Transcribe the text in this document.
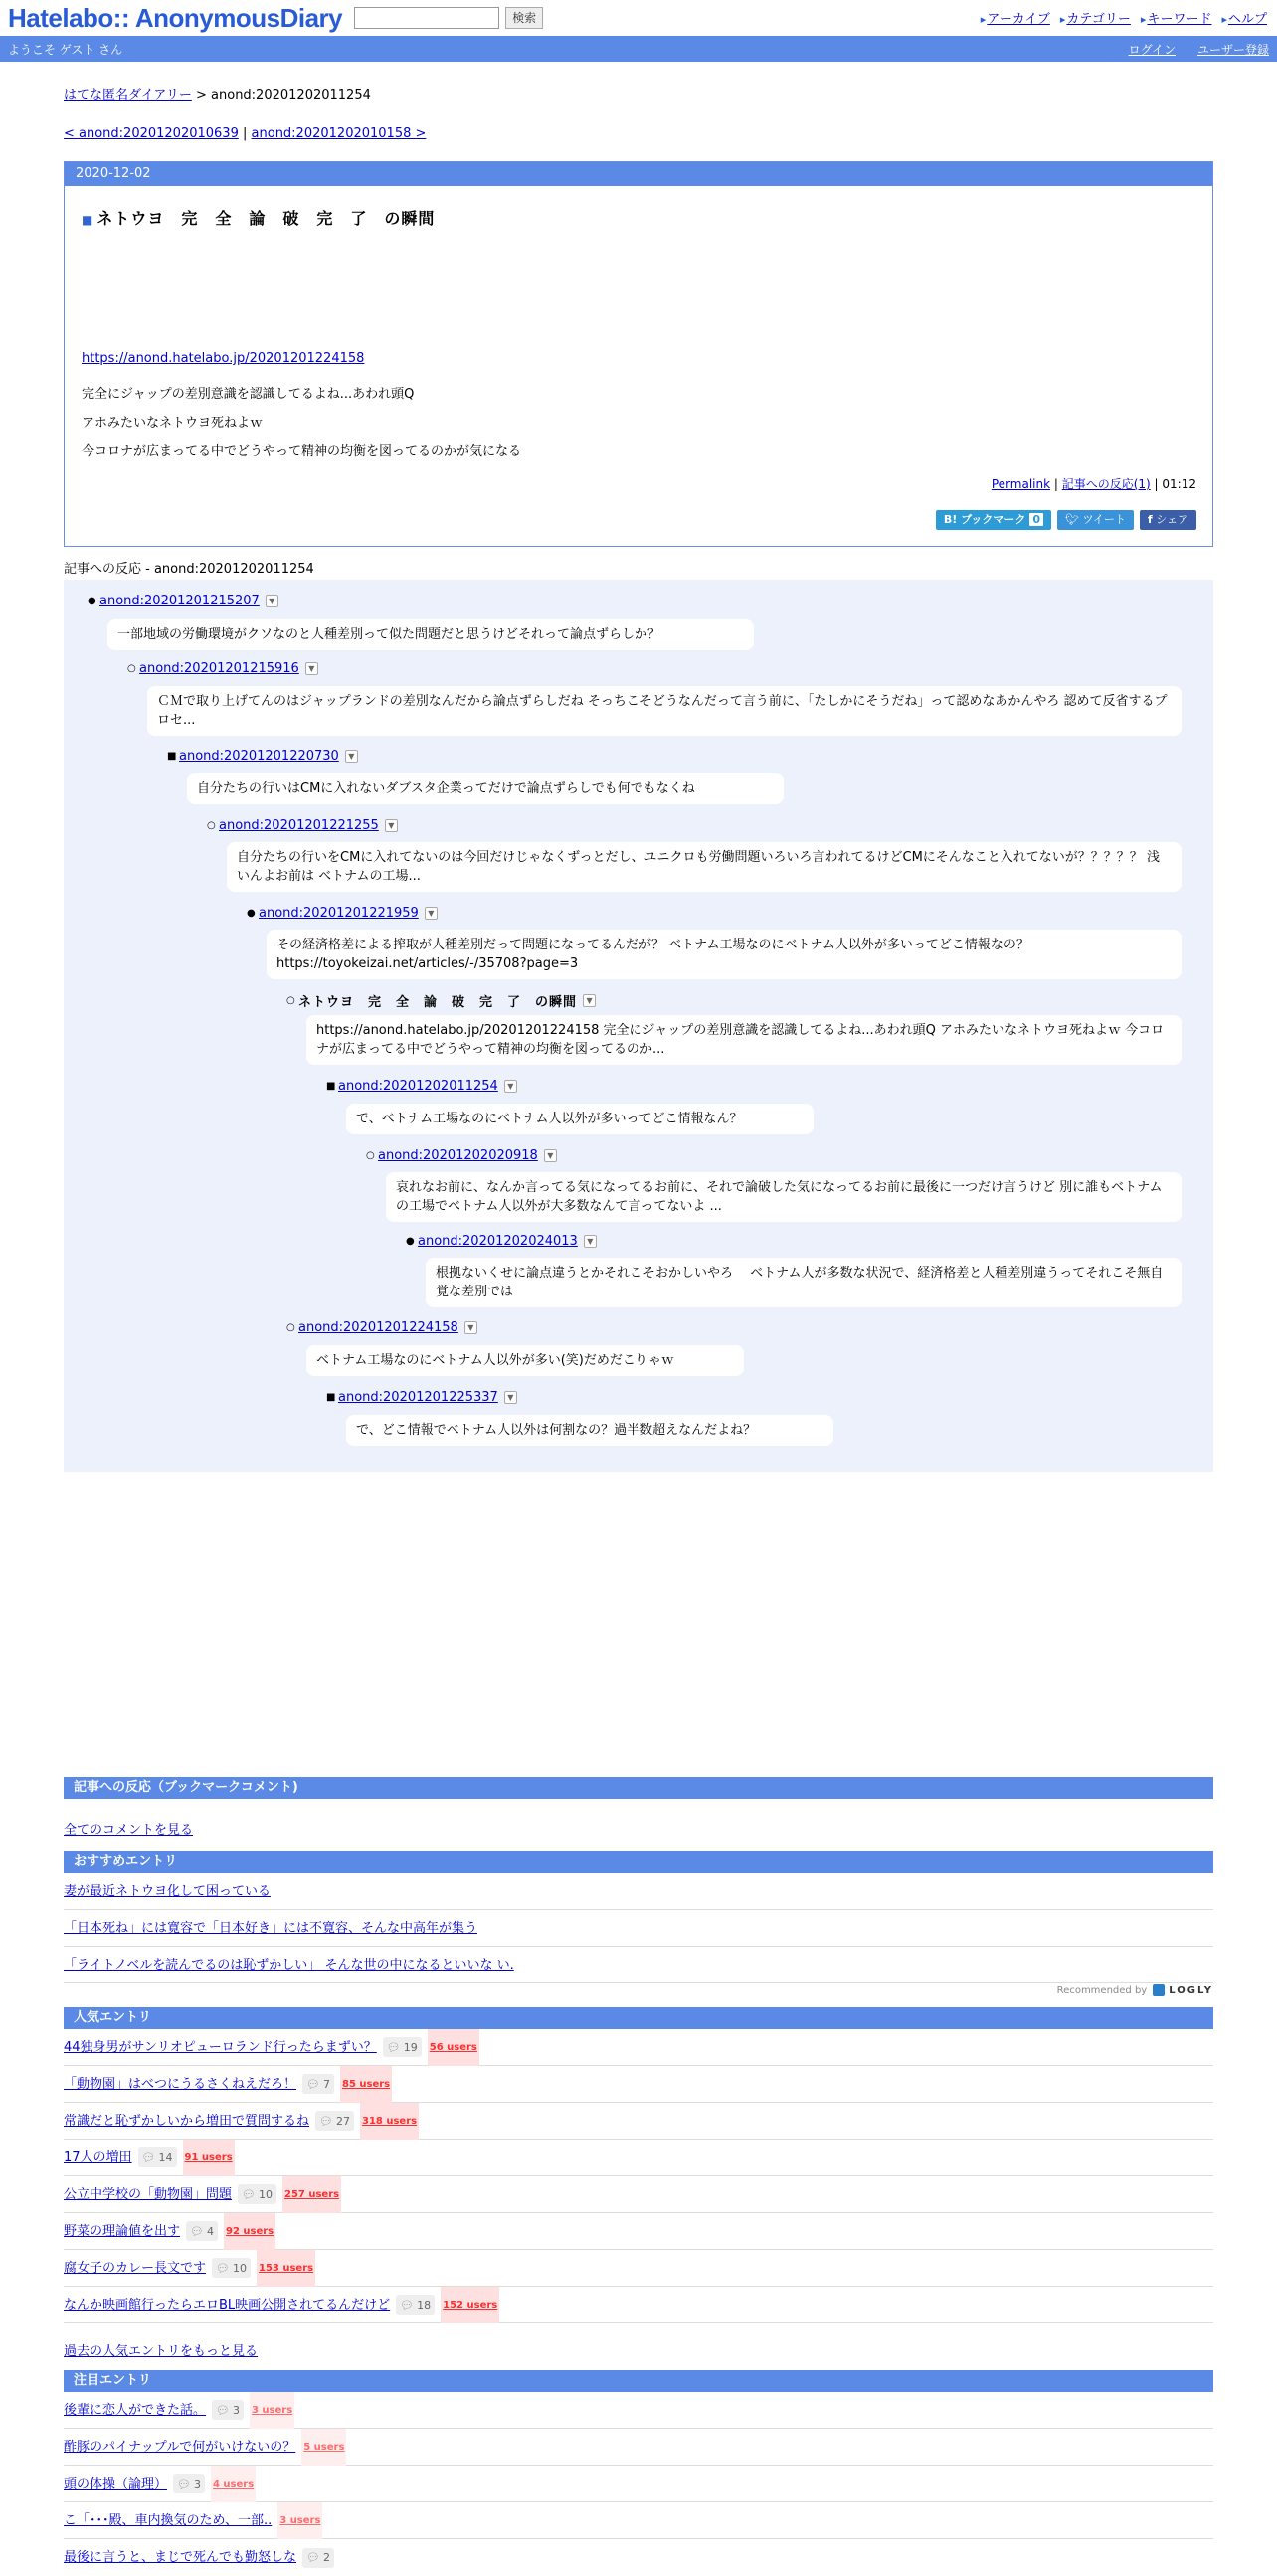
Hatelabo:: AnonymousDiary	検索	▸アーカイブ ▸カテゴリー ▸キーワード ▸ヘルプ
ようこそ ゲスト さん	ログイン ユーザー登録
はてな匿名ダイアリー > anond:20201202011254
< anond:20201202010639 | anond:20201202010158 >
2020-12-02
■ ネトウヨ　完　全　論　破　完　了　の瞬間
https://anond.hatelabo.jp/20201201224158
完全にジャップの差別意識を認識してるよね...あわれ頭Q
アホみたいなネトウヨ死ねよｗ
今コロナが広まってる中でどうやって精神の均衡を図ってるのかが気になる
Permalink | 記事への反応(1) | 01:12
B! ブックマーク 0	🐦︎ ツイート	f シェア
記事への反応 - anond:20201202011254
● anond:20201201215207	▼
一部地域の労働環境がクソなのと人種差別って似た問題だと思うけどそれって論点ずらしか？
○ anond:20201201215916	▼
ＣＭで取り上げてんのはジャップランドの差別なんだから論点ずらしだね そっちこそどうなんだって言う前に、「たしかにそうだね」って認めなあかんやろ 認めて反省するプロセ...
■ anond:20201201220730	▼
自分たちの行いはCMに入れないダブスタ企業ってだけで論点ずらしでも何でもなくね
○ anond:20201201221255	▼
自分たちの行いをCMに入れてないのは今回だけじゃなくずっとだし、ユニクロも労働問題いろいろ言われてるけどCMにそんなこと入れてないが？？？？？ 浅いんよお前は ベトナムの工場...
● anond:20201201221959	▼
その経済格差による搾取が人種差別だって問題になってるんだが？ ベトナム工場なのにベトナム人以外が多いってどこ情報なの？ https://toyokeizai.net/articles/-/35708?page=3
○ ネトウヨ　完　全　論　破　完　了　の瞬間	▼
https://anond.hatelabo.jp/20201201224158 完全にジャップの差別意識を認識してるよね...あわれ頭Q アホみたいなネトウヨ死ねよｗ 今コロナが広まってる中でどうやって精神の均衡を図ってるのか...
■ anond:20201202011254	▼
で、ベトナム工場なのにベトナム人以外が多いってどこ情報なん？
○ anond:20201202020918	▼
哀れなお前に、なんか言ってる気になってるお前に、それで論破した気になってるお前に最後に一つだけ言うけど 別に誰もベトナムの工場でベトナム人以外が大多数なんて言ってないよ ...
● anond:20201202024013	▼
根拠ないくせに論点違うとかそれこそおかしいやろ　 ベトナム人が多数な状況で、経済格差と人種差別違うってそれこそ無自覚な差別では
○ anond:20201201224158	▼
ベトナム工場なのにベトナム人以外が多い(笑)だめだこりゃｗ
■ anond:20201201225337	▼
で、どこ情報でベトナム人以外は何割なの？過半数超えなんだよね？
記事への反応（ブックマークコメント)
全てのコメントを見る
おすすめエントリ
妻が最近ネトウヨ化して困っている
「日本死ね」には寛容で「日本好き」には不寛容、そんな中高年が集う
「ライトノベルを読んでるのは恥ずかしい」 そんな世の中になるといいな い.
Recommended by LOGLY
人気エントリ
44独身男がサンリオピューロランド行ったらまずい？ 💬︎ 19 56 users
「動物園」はべつにうるさくねえだろ！ 💬︎ 7 85 users
常識だと恥ずかしいから増田で質問するね 💬︎ 27 318 users
17人の増田 💬︎ 14 91 users
公立中学校の「動物園」問題 💬︎ 10 257 users
野菜の理論値を出す 💬︎ 4 92 users
腐女子のカレー長文です 💬︎ 10 153 users
なんか映画館行ったらエロBL映画公開されてるんだけど 💬︎ 18 152 users
過去の人気エントリをもっと見る
注目エントリ
後輩に恋人ができた話。 💬︎ 3 3 users
酢豚のパイナップルで何がいけないの？ 5 users
頭の体操（論理） 💬︎ 3 4 users
こ「･･･殿、車内換気のため、一部.. 3 users
最後に言うと、まじで死んでも勤怒しな 💬︎ 2
